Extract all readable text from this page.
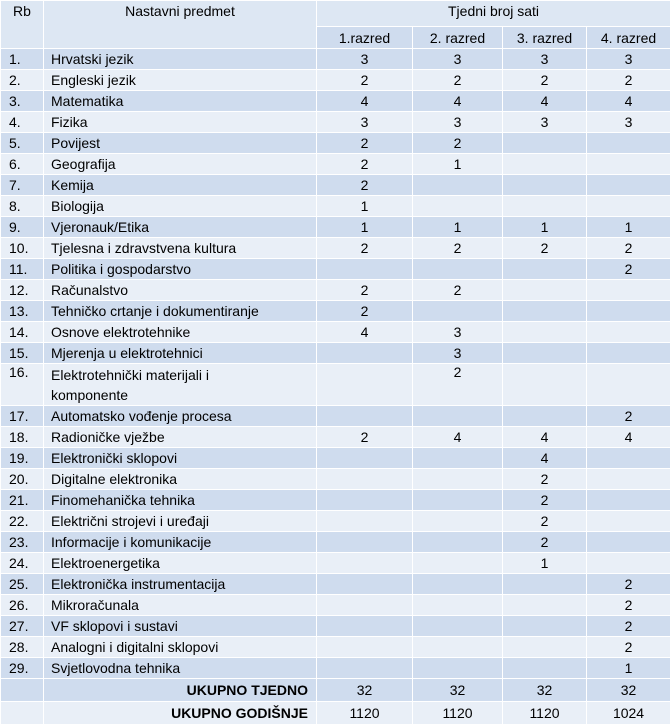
Rb	Nastavni predmet	Tjedni broj sati			
		1.razred	2. razred	3. razred	4. razred
1.	Hrvatski jezik	3	3	3	3
2.	Engleski jezik	2	2	2	2
3.	Matematika	4	4	4	4
4.	Fizika	3	3	3	3
5.	Povijest	2	2		
6.	Geografija	2	1		
7.	Kemija	2			
8.	Biologija	1			
9.	Vjeronauk/Etika	1	1	1	1
10.	Tjelesna i zdravstvena kultura	2	2	2	2
11.	Politika i gospodarstvo				2
12.	Računalstvo	2	2		
13.	Tehničko crtanje i dokumentiranje	2			
14.	Osnove elektrotehnike	4	3		
15.	Mjerenja u elektrotehnici		3		
16.	Elektrotehnički materijali i
komponente		2		
17.	Automatsko vođenje procesa				2
18.	Radioničke vježbe	2	4	4	4
19.	Elektronički sklopovi			4	
20.	Digitalne elektronika			2	
21.	Finomehanička tehnika			2	
22.	Električni strojevi i uređaji			2	
23.	Informacije i komunikacije			2	
24.	Elektroenergetika			1	
25.	Elektronička instrumentacija				2
26.	Mikroračunala				2
27.	VF sklopovi i sustavi				2
28.	Analogni i digitalni sklopovi				2
29.	Svjetlovodna tehnika				1
	UKUPNO TJEDNO	32	32	32	32
	UKUPNO GODIŠNJE	1120	1120	1120	1024
